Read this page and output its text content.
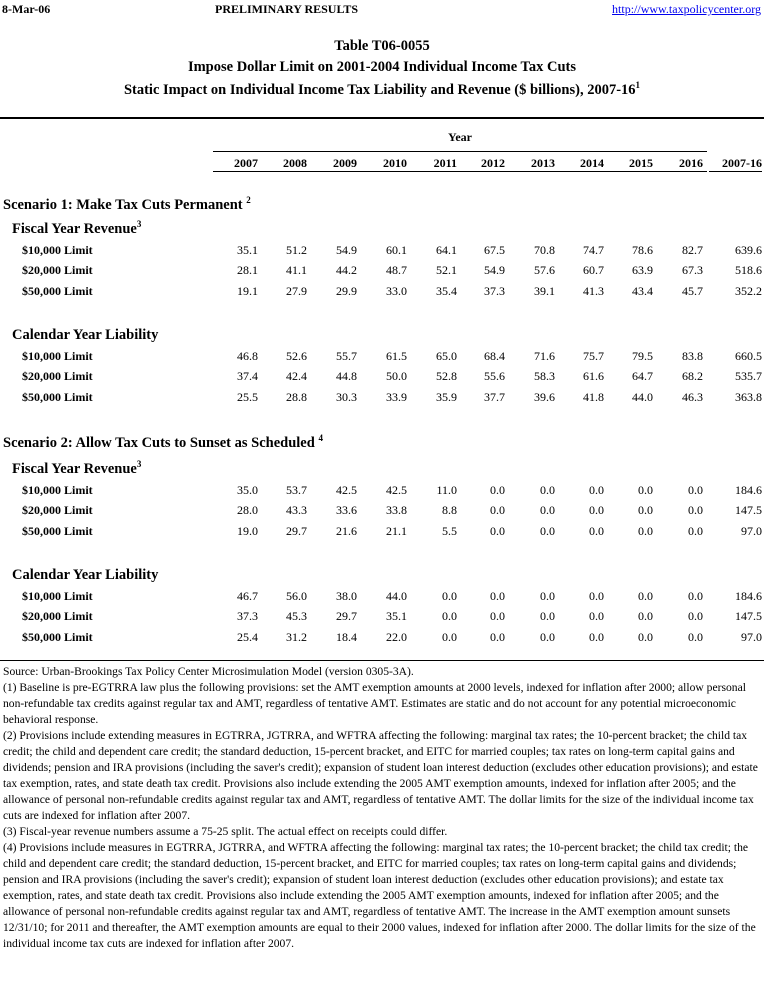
8-Mar-06	PRELIMINARY RESULTS	http://www.taxpolicycenter.org
Table T06-0055
Impose Dollar Limit on 2001-2004 Individual Income Tax Cuts
Static Impact on Individual Income Tax Liability and Revenue ($ billions), $2007-16^1$
Year
2007	2008	2009	2010	2011	2012	2013	2014	2015	2016	2007-16
Scenario 1: Make Tax Cuts Permanent $^2$
Fiscal Year Revenue$^3$
$10,000 Limit	35.1	51.2	54.9	60.1	64.1	67.5	70.8	74.7	78.6	82.7	639.6
$20,000 Limit	28.1	41.1	44.2	48.7	52.1	54.9	57.6	60.7	63.9	67.3	518.6
$50,000 Limit	19.1	27.9	29.9	33.0	35.4	37.3	39.1	41.3	43.4	45.7	352.2
Calendar Year Liability
$10,000 Limit	46.8	52.6	55.7	61.5	65.0	68.4	71.6	75.7	79.5	83.8	660.5
$20,000 Limit	37.4	42.4	44.8	50.0	52.8	55.6	58.3	61.6	64.7	68.2	535.7
$50,000 Limit	25.5	28.8	30.3	33.9	35.9	37.7	39.6	41.8	44.0	46.3	363.8
Scenario 2: Allow Tax Cuts to Sunset as Scheduled $^4$
Fiscal Year Revenue$^3$
$10,000 Limit	35.0	53.7	42.5	42.5	11.0	0.0	0.0	0.0	0.0	0.0	184.6
$20,000 Limit	28.0	43.3	33.6	33.8	8.8	0.0	0.0	0.0	0.0	0.0	147.5
$50,000 Limit	19.0	29.7	21.6	21.1	5.5	0.0	0.0	0.0	0.0	0.0	97.0
Calendar Year Liability
$10,000 Limit	46.7	56.0	38.0	44.0	0.0	0.0	0.0	0.0	0.0	0.0	184.6
$20,000 Limit	37.3	45.3	29.7	35.1	0.0	0.0	0.0	0.0	0.0	0.0	147.5
$50,000 Limit	25.4	31.2	18.4	22.0	0.0	0.0	0.0	0.0	0.0	0.0	97.0
Source: Urban-Brookings Tax Policy Center Microsimulation Model (version 0305-3A).
(1) Baseline is pre-EGTRRA law plus the following provisions: set the AMT exemption amounts at 2000 levels, indexed for inflation after 2000; allow personal non-refundable tax credits against regular tax and AMT, regardless of tentative AMT. Estimates are static and do not account for any potential microeconomic behavioral response.
(2) Provisions include extending measures in EGTRRA, JGTRRA, and WFTRA affecting the following: marginal tax rates; the 10-percent bracket; the child tax credit; the child and dependent care credit; the standard deduction, 15-percent bracket, and EITC for married couples; tax rates on long-term capital gains and dividends; pension and IRA provisions (including the saver's credit); expansion of student loan interest deduction (excludes other education provisions); and estate tax exemption, rates, and state death tax credit. Provisions also include extending the 2005 AMT exemption amounts, indexed for inflation after 2005; and the allowance of personal non-refundable credits against regular tax and AMT, regardless of tentative AMT. The dollar limits for the size of the individual income tax cuts are indexed for inflation after 2007.
(3) Fiscal-year revenue numbers assume a 75-25 split. The actual effect on receipts could differ.
(4) Provisions include measures in EGTRRA, JGTRRA, and WFTRA affecting the following: marginal tax rates; the 10-percent bracket; the child tax credit; the child and dependent care credit; the standard deduction, 15-percent bracket, and EITC for married couples; tax rates on long-term capital gains and dividends; pension and IRA provisions (including the saver's credit); expansion of student loan interest deduction (excludes other education provisions); and estate tax exemption, rates, and state death tax credit. Provisions also include extending the 2005 AMT exemption amounts, indexed for inflation after 2005; and the allowance of personal non-refundable credits against regular tax and AMT, regardless of tentative AMT. The increase in the AMT exemption amount sunsets 12/31/10; for 2011 and thereafter, the AMT exemption amounts are equal to their 2000 values, indexed for inflation after 2000. The dollar limits for the size of the individual income tax cuts are indexed for inflation after 2007.
